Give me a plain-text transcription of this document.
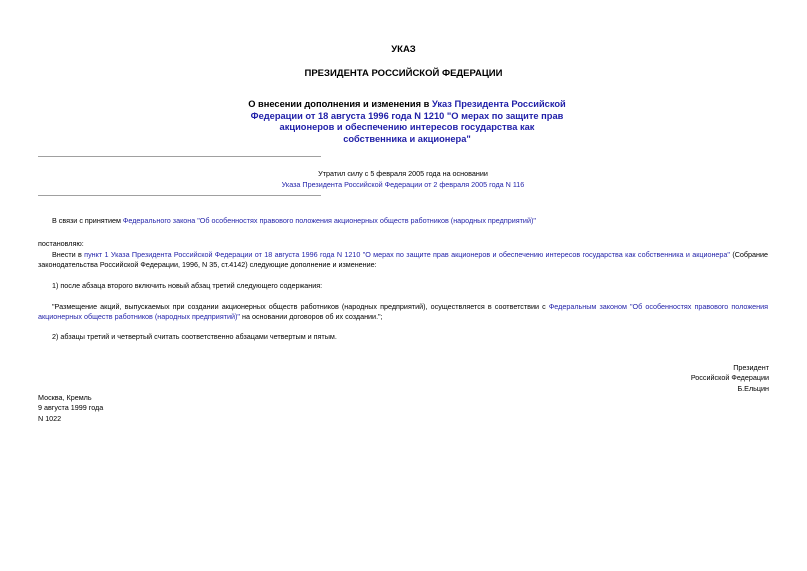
УКАЗ
ПРЕЗИДЕНТА РОССИЙСКОЙ ФЕДЕРАЦИИ
О внесении дополнения и изменения в Указ Президента Российской Федерации от 18 августа 1996 года N 1210 "О мерах по защите прав акционеров и обеспечению интересов государства как собственника и акционера"
Утратил силу с 5 февраля 2005 года на основании
Указа Президента Российской Федерации от 2 февраля 2005 года N 116
В связи с принятием Федерального закона "Об особенностях правового положения акционерных обществ работников (народных предприятий)"
постановляю:
Внести в пункт 1 Указа Президента Российской Федерации от 18 августа 1996 года N 1210 "О мерах по защите прав акционеров и обеспечению интересов государства как собственника и акционера" (Собрание законодательства Российской Федерации, 1996, N 35, ст.4142) следующие дополнение и изменение:
1) после абзаца второго включить новый абзац третий следующего содержания:
"Размещение акций, выпускаемых при создании акционерных обществ работников (народных предприятий), осуществляется в соответствии с Федеральным законом "Об особенностях правового положения акционерных обществ работников (народных предприятий)" на основании договоров об их создании.";
2) абзацы третий и четвертый считать соответственно абзацами четвертым и пятым.
Президент
Российской Федерации
Б.Ельцин
Москва, Кремль
9 августа 1999 года
N 1022
